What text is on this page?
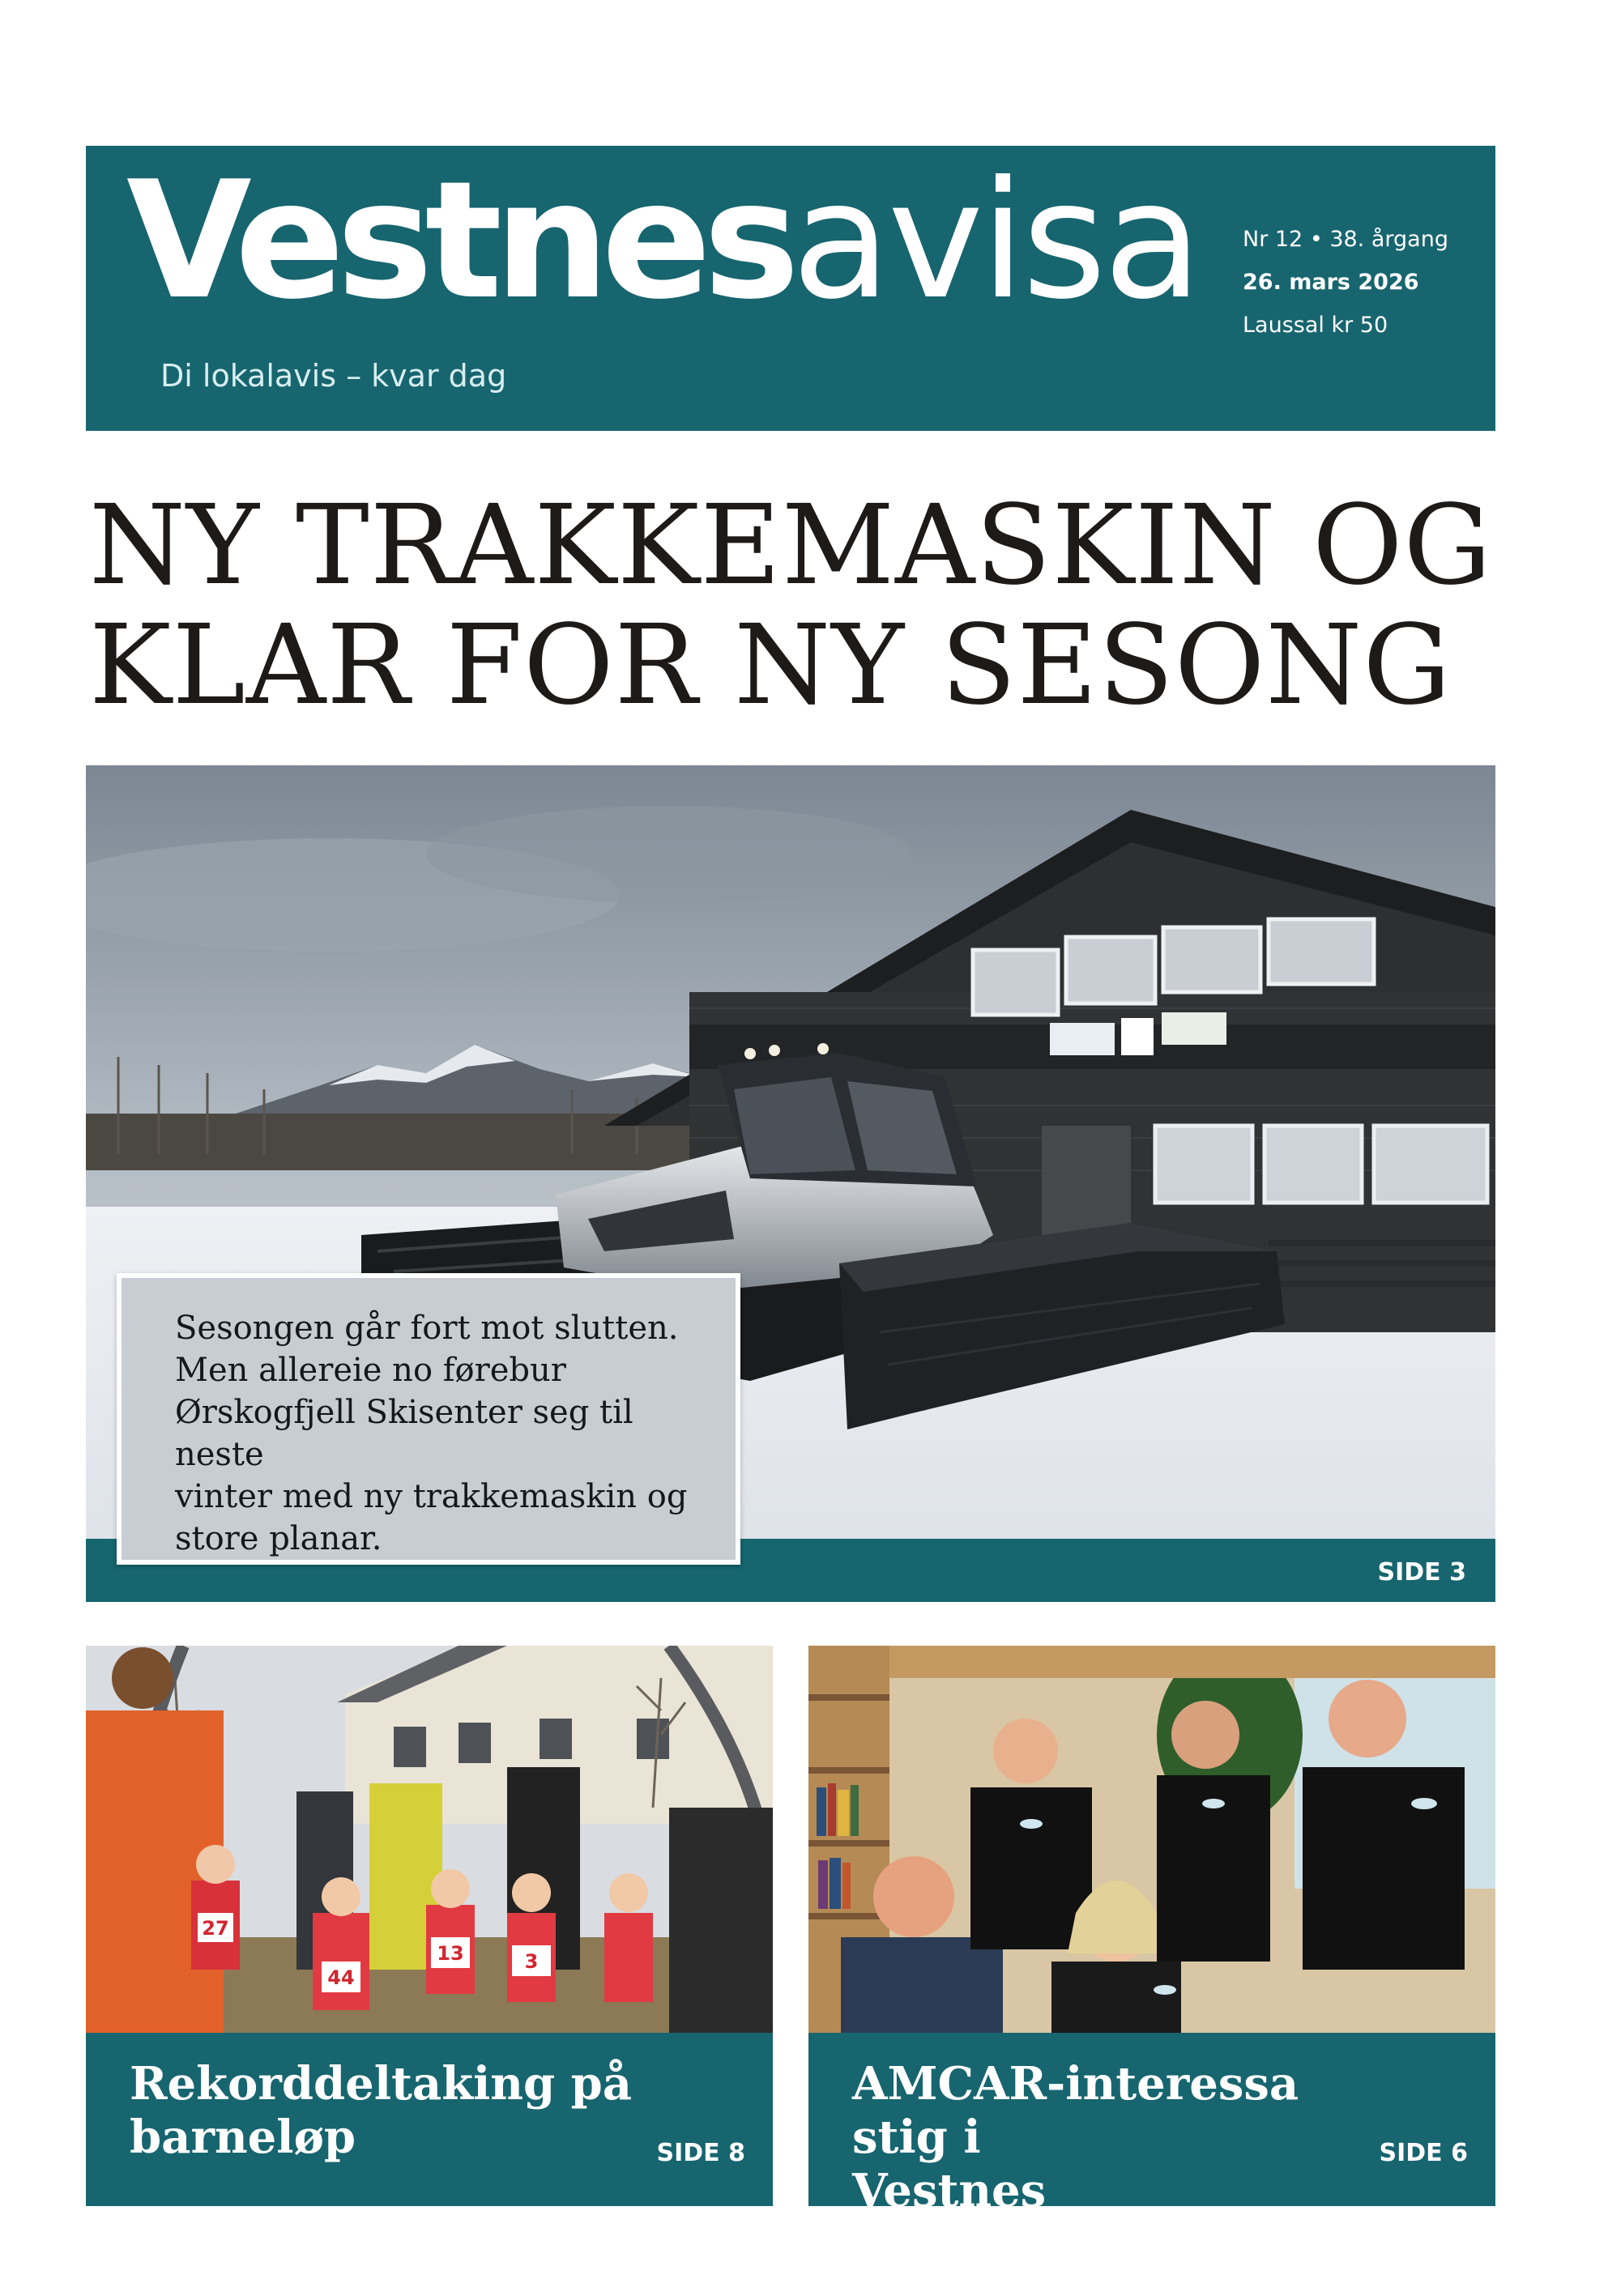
Vestnesavisa
Di lokalavis – kvar dag
Nr 12 • 38. årgang
26. mars 2026
Laussal kr 50
NY TRAKKEMASKIN OG
KLAR FOR NY SESONG
SIDE 3
Sesongen går fort mot slutten.
Men allereie no førebur
Ørskogfjell Skisenter seg til neste
vinter med ny trakkemaskin og
store planar.
27
44
13	3
Rekorddeltaking på
barneløp	SIDE 8
AMCAR-interessa stig i
Vestnes
SIDE 6
